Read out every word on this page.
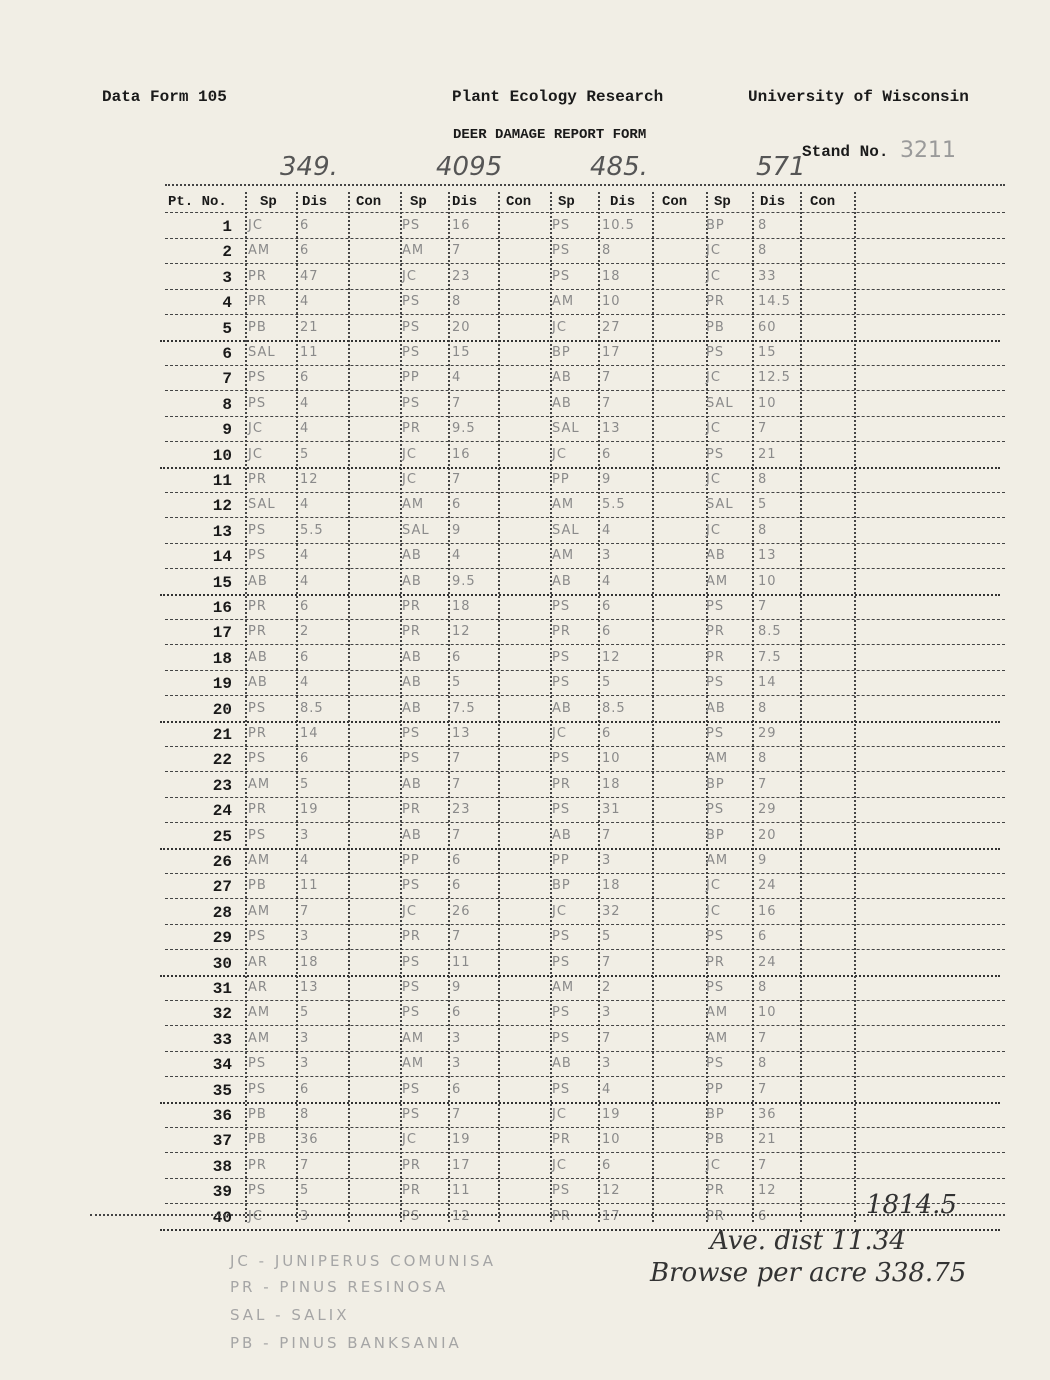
Data Form 105	Plant Ecology Research	University of Wisconsin
DEER DAMAGE REPORT FORM
Stand No. 3211
349.	4095	485.	571
Pt. No. Sp Dis Con Sp Dis Con Sp	Dis Con Sp Dis Con
1 JC	6	PS 16	PS 10.5	BP	8
2 AM 6	AM 7	PS 8	JC	8
3 PR	47	JC	23	PS 18	JC	33
4 PR	4	PS 8	AM 10	PR	14.5
5 PB	21	PS 20	JC	27	PB	60
6 SAL 11	PS 15	BP 17	PS	15
7 PS	6	PP 4	AB 7	JC	12.5
8 PS	4	PS 7	AB 7	SAL 10
9 JC	4	PR 9.5	SAL 13	JC	7
10 JC	5	JC	16	JC	6	PS	21
11 PR	12	JC	7	PP 9	JC	8
12 SAL 4	AM 6	AM 5.5	SAL 5
13 PS	5.5	SAL 9	SAL 4	JC	8
14 PS	4	AB 4	AM 3	AB 13
15 AB 4	AB 9.5	AB 4	AM 10
16 PR	6	PR 18	PS 6	PS	7
17 PR	2	PR 12	PR 6	PR	8.5
18 AB 6	AB 6	PS 12	PR	7.5
19 AB 4	AB 5	PS 5	PS	14
20 PS	8.5	AB 7.5	AB 8.5	AB 8
21 PR	14	PS 13	JC	6	PS	29
22 PS	6	PS 7	PS 10	AM 8
23 AM 5	AB 7	PR 18	BP	7
24 PR	19	PR 23	PS 31	PS	29
25 PS	3	AB 7	AB 7	BP	20
26 AM 4	PP 6	PP 3	AM 9
27 PB	11	PS 6	BP 18	JC	24
28 AM 7	JC	26	JC	32	JC	16
29 PS	3	PR 7	PS 5	PS	6
30 AR 18	PS 11	PS 7	PR	24
31 AR 13	PS 9	AM 2	PS	8
32 AM 5	PS 6	PS 3	AM 10
33 AM 3	AM 3	PS 7	AM 7
34 PS	3	AM 3	AB 3	PS	8
35 PS	6	PS 6	PS 4	PP	7
36 PB	8	PS 7	JC	19	BP	36
37 PB	36	JC	19	PR 10	PB	21
38 PR	7	PR 17	JC	6	JC	7
39 PS	5	PR 11	PS 12	PR	12
40 JC	3	PS 12	PR 17	PR	6	1814.5
Ave. dist 11.34
Browse per acre 338.75
JC - JUNIPERUS COMUNISA
PR - PINUS RESINOSA
SAL - SALIX
PB - PINUS BANKSANIA
